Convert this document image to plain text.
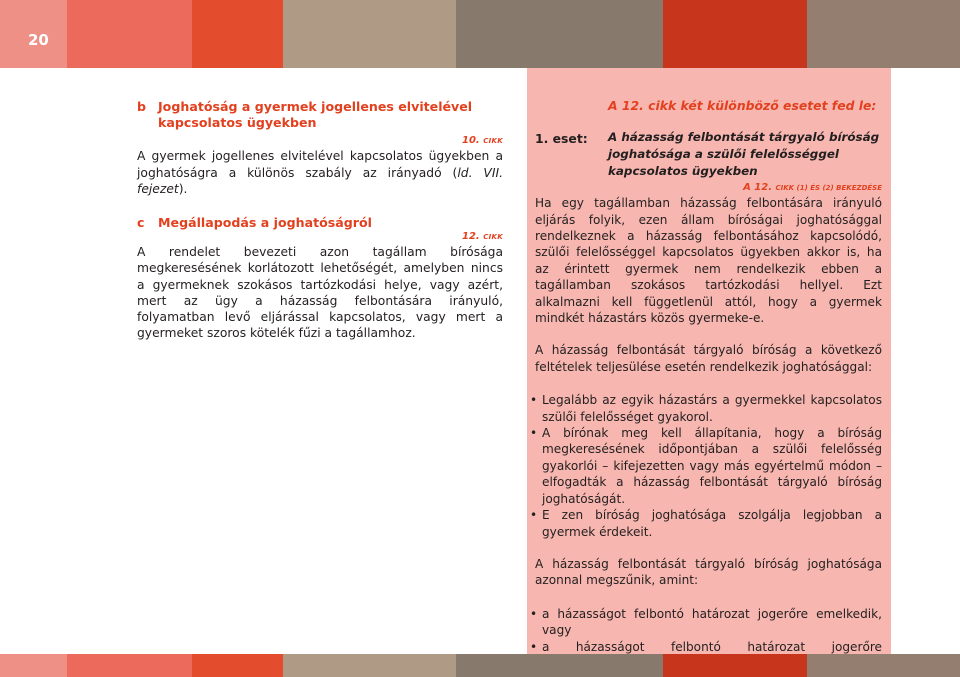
20
b Joghatóság a gyermek jogellenes elvitelével
kapcsolatos ügyekben
10. CIKK

A gyermek jogellenes elvitelével kapcsolatos ügyekben a joghatóságra a különös szabály az irányadó (ld. VII. fejezet).

c Megállapodás a joghatóságról
12. CIKK

A rendelet bevezeti azon tagállam bírósága megkeresésének korlátozott lehetőségét, amelyben nincs a gyermeknek szokásos tartózkodási helye, vagy azért, mert az ügy a házasság felbontására irányuló, folyamatban levő eljárással kapcsolatos, vagy mert a gyermeket szoros kötelék fűzi a tagállamhoz.

A 12. cikk két különböző esetet fed le:
1. eset:	A házasság felbontását tárgyaló bíróság joghatósága a szülői felelősséggel kapcsolatos ügyekben
A 12. CIKK (1) ÉS (2) BEKEZDÉSE

Ha egy tagállamban házasság felbontására irányuló eljárás folyik, ezen állam bíróságai joghatósággal rendelkeznek a házasság felbontásához kapcsolódó, szülői felelősséggel kapcsolatos ügyekben akkor is, ha az érintett gyermek nem rendelkezik ebben a tagállamban szokásos tartózkodási hellyel. Ezt alkalmazni kell függetlenül attól, hogy a gyermek mindkét házastárs közös gyermeke-e.

A házasság felbontását tárgyaló bíróság a következő feltételek teljesülése esetén rendelkezik joghatósággal:

• Legalább az egyik házastárs a gyermekkel kapcsolatos szülői felelősséget gyakorol.
• A bírónak meg kell állapítania, hogy a bíróság megkeresésének időpontjában a szülői felelősség gyakorlói – kifejezetten vagy más egyértelmű módon – elfogadták a házasság felbontását tárgyaló bíróság joghatóságát.
• E zen bíróság joghatósága szolgálja legjobban a gyermek érdekeit.

A házasság felbontását tárgyaló bíróság joghatósága azonnal megszűnik, amint:

• a házasságot felbontó határozat jogerőre emelkedik, vagy
• a házasságot felbontó határozat jogerőre
